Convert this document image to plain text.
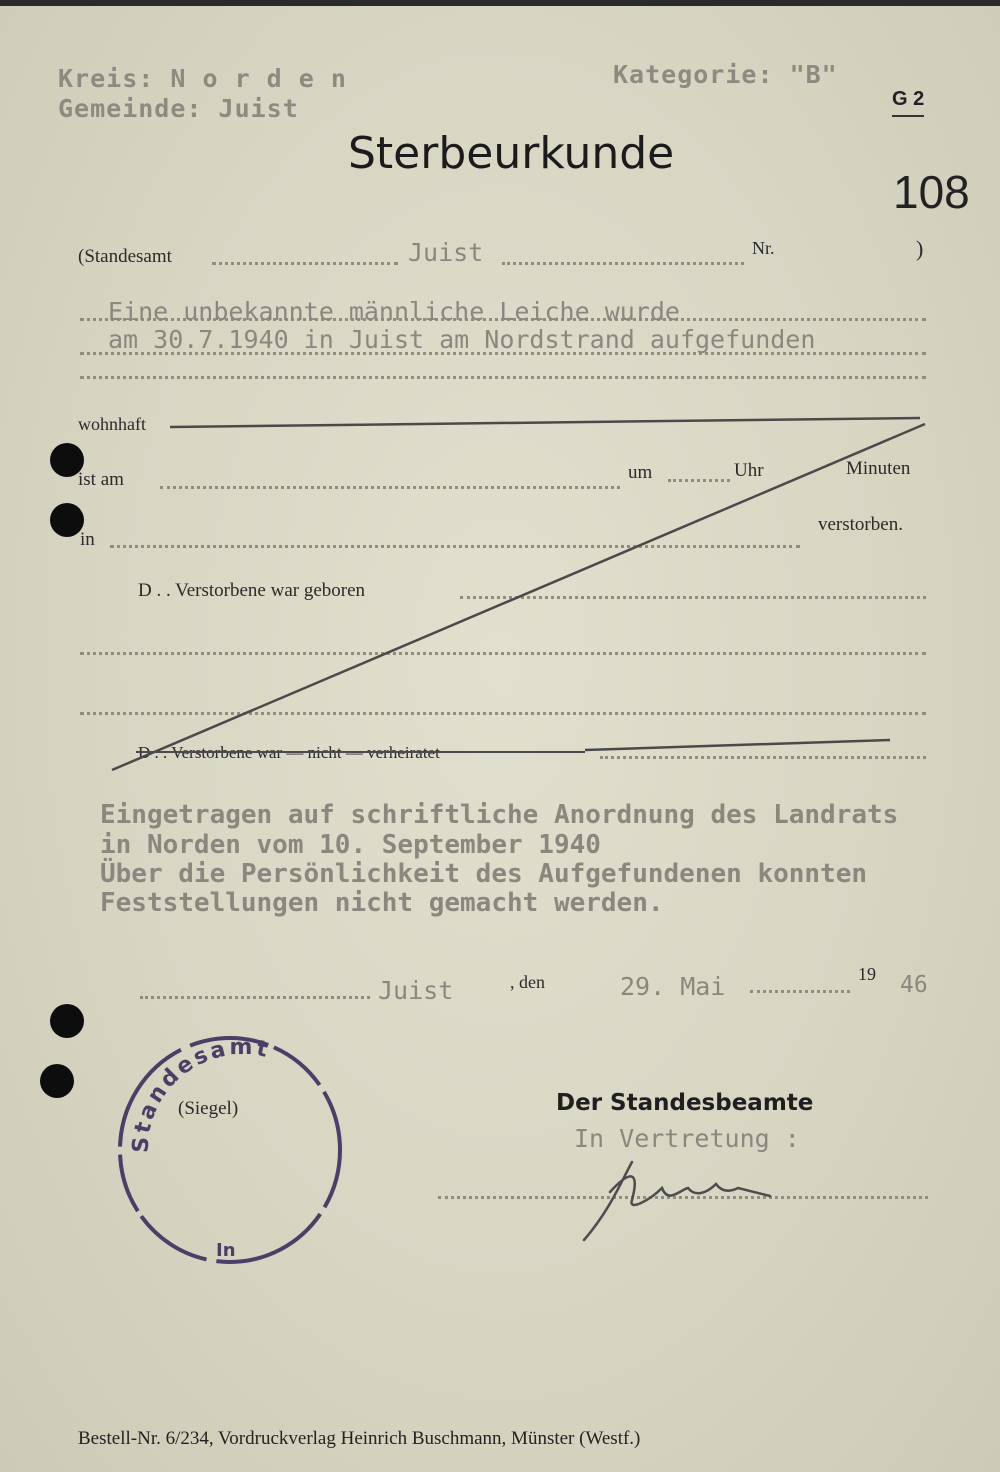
Kreis: N o r d e n
Gemeinde: Juist
Kategorie: "B"
G 2
Sterbeurkunde
108
(Standesamt	Juist	Nr.	)
Eine unbekannte männliche Leiche wurde
am 30.7.1940 in Juist am Nordstrand aufgefunden
wohnhaft
ist am	um	Uhr	Minuten
in
verstorben.
D . . Verstorbene war geboren
D . . Verstorbene war — nicht — verheiratet
Eingetragen auf schriftliche Anordnung des Landrats
in Norden vom 10. September 1940
Über die Persönlichkeit des Aufgefundenen konnten
Feststellungen nicht gemacht werden.
Juist	, den	29. Mai	19 46
Standesamt
In
(Siegel)	Der Standesbeamte
In Vertretung :
Bestell-Nr. 6/234, Vordruckverlag Heinrich Buschmann, Münster (Westf.)
